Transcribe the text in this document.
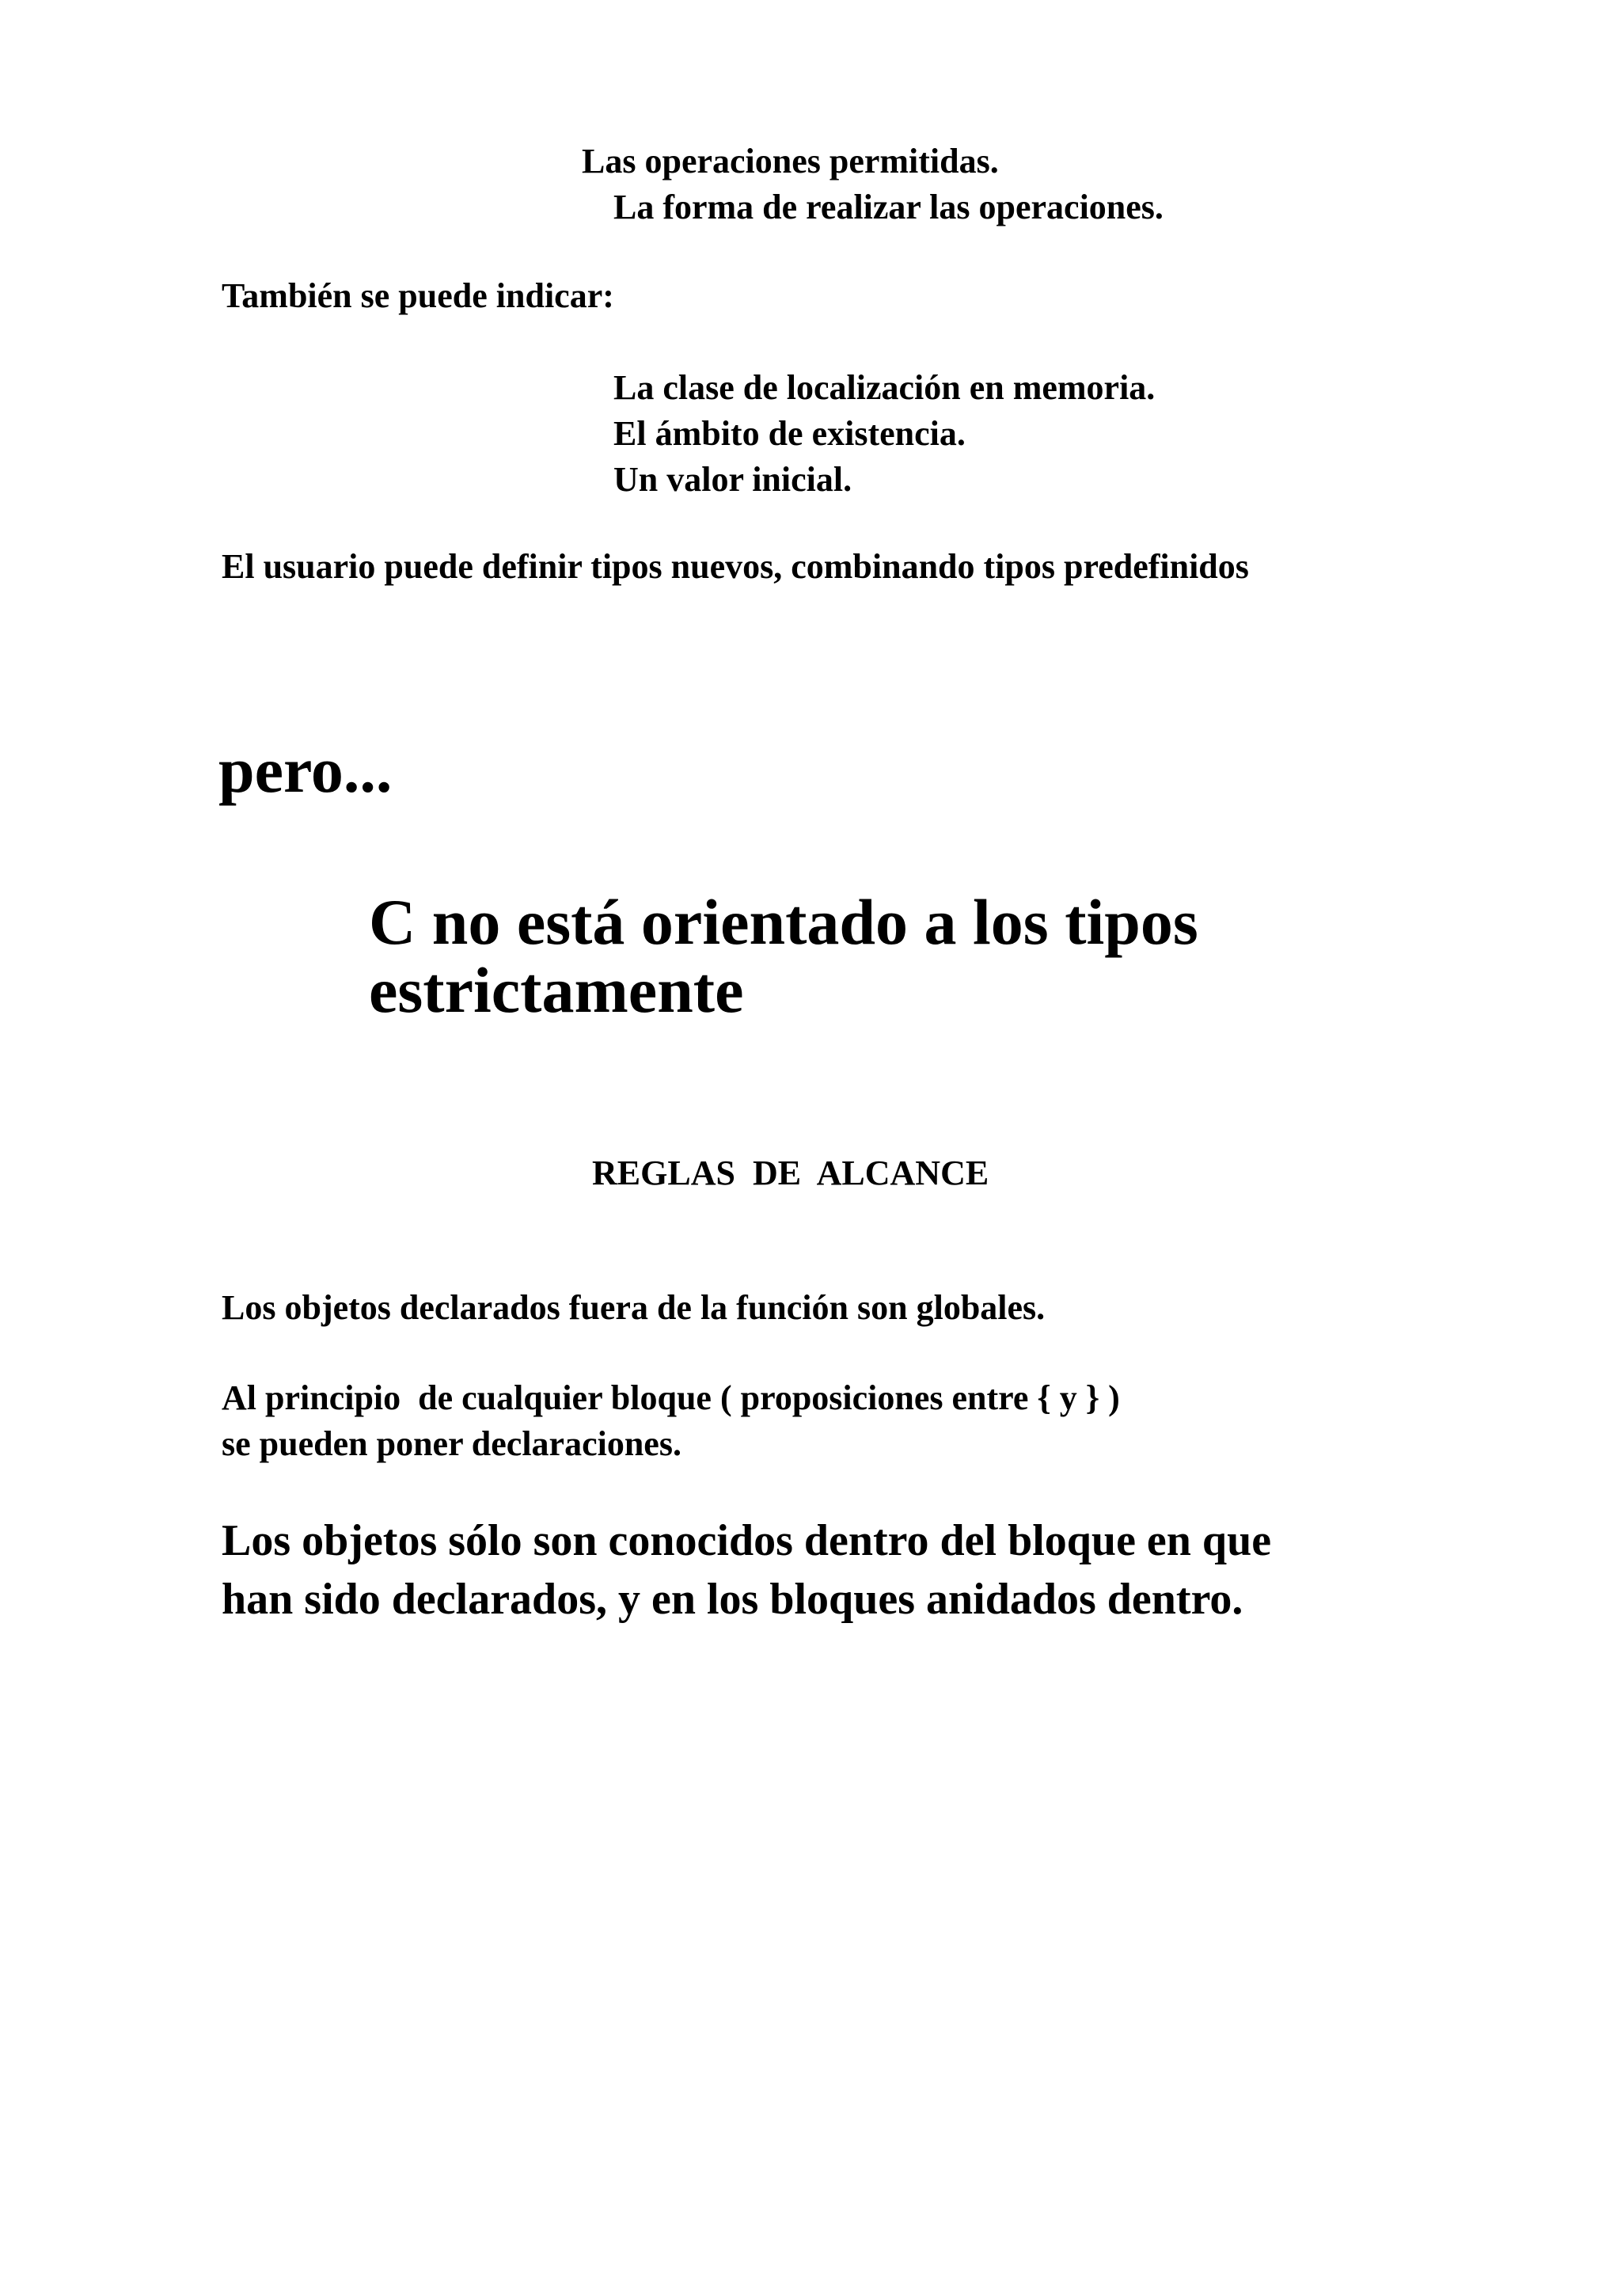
Las operaciones permitidas.
La forma de realizar las operaciones.
También se puede indicar:
La clase de localización en memoria.
El ámbito de existencia.
Un valor inicial.
El usuario puede definir tipos nuevos, combinando tipos predefinidos
pero...
C no está orientado a los tipos
estrictamente
REGLAS  DE  ALCANCE
Los objetos declarados fuera de la función son globales.
Al principio  de cualquier bloque ( proposiciones entre { y } )
se pueden poner declaraciones.
Los objetos sólo son conocidos dentro del bloque en que
han sido declarados, y en los bloques anidados dentro.
